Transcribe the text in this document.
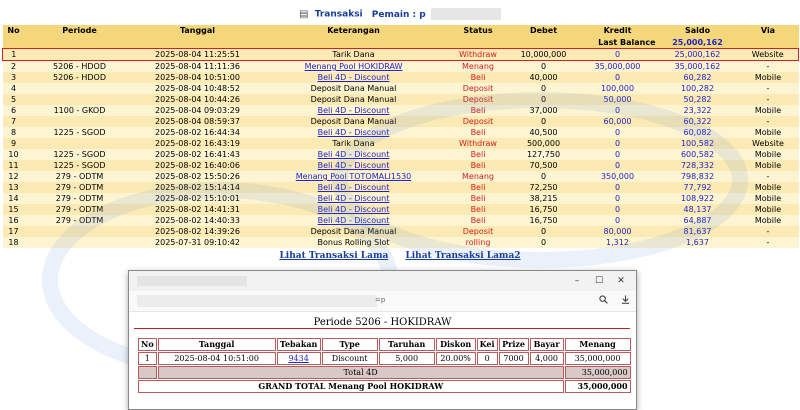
▤ Transaksi Pemain : p
No	Periode	Tanggal	Keterangan	Status	Debet	Kredit	Saldo	Via
Last Balance							25,000,162	
1		2025-08-04 11:25:51	Tarik Dana	Withdraw	10,000,000	0	25,000,162	Website
2	5206 - HDOD	2025-08-04 11:11:36	Menang Pool HOKIDRAW	Menang	0	35,000,000	35,000,162	-
3	5206 - HDOD	2025-08-04 10:51:00	Beli 4D - Discount	Beli	40,000	0	60,282	Mobile
4		2025-08-04 10:48:52	Deposit Dana Manual	Deposit	0	100,000	100,282	-
5		2025-08-04 10:44:26	Deposit Dana Manual	Deposit	0	50,000	50,282	-
6	1100 - GKOD	2025-08-04 09:03:29	Beli 4D - Discount	Beli	37,000	0	23,322	Mobile
7		2025-08-04 08:59:37	Deposit Dana Manual	Deposit	0	60,000	60,322	-
8	1225 - SGOD	2025-08-02 16:44:34	Beli 4D - Discount	Beli	40,500	0	60,082	Mobile
9		2025-08-02 16:43:19	Tarik Dana	Withdraw	500,000	0	100,582	Website
10	1225 - SGOD	2025-08-02 16:41:43	Beli 4D - Discount	Beli	127,750	0	600,582	Mobile
11	1225 - SGOD	2025-08-02 16:40:06	Beli 4D - Discount	Beli	70,500	0	728,332	Mobile
12	279 - ODTM	2025-08-02 15:50:26	Menang Pool TOTOMALI1530	Menang	0	350,000	798,832	-
13	279 - ODTM	2025-08-02 15:14:14	Beli 4D - Discount	Beli	72,250	0	77,792	Mobile
14	279 - ODTM	2025-08-02 15:10:01	Beli 4D - Discount	Beli	38,215	0	108,922	Mobile
15	279 - ODTM	2025-08-02 14:41:31	Beli 4D - Discount	Beli	16,750	0	48,137	Mobile
16	279 - ODTM	2025-08-02 14:40:33	Beli 4D - Discount	Beli	16,750	0	64,887	Mobile
17		2025-08-02 14:39:26	Deposit Dana Manual	Deposit	0	80,000	81,637	-
18		2025-07-31 09:10:42	Bonus Rolling Slot	rolling	0	1,312	1,637	-
Lihat Transaksi Lama Lihat Transaksi Lama2
–	☐	✕
=p
Periode 5206 - HOKIDRAW
No	Tanggal	Tebakan	Type	Taruhan	Diskon	Kei	Prize	Bayar	Menang
1	2025-08-04 10:51:00	9434	Discount	5,000	20.00%	0	7000	4,000	35,000,000
	Total 4D								35,000,000
GRAND TOTAL Menang Pool HOKIDRAW									35,000,000
